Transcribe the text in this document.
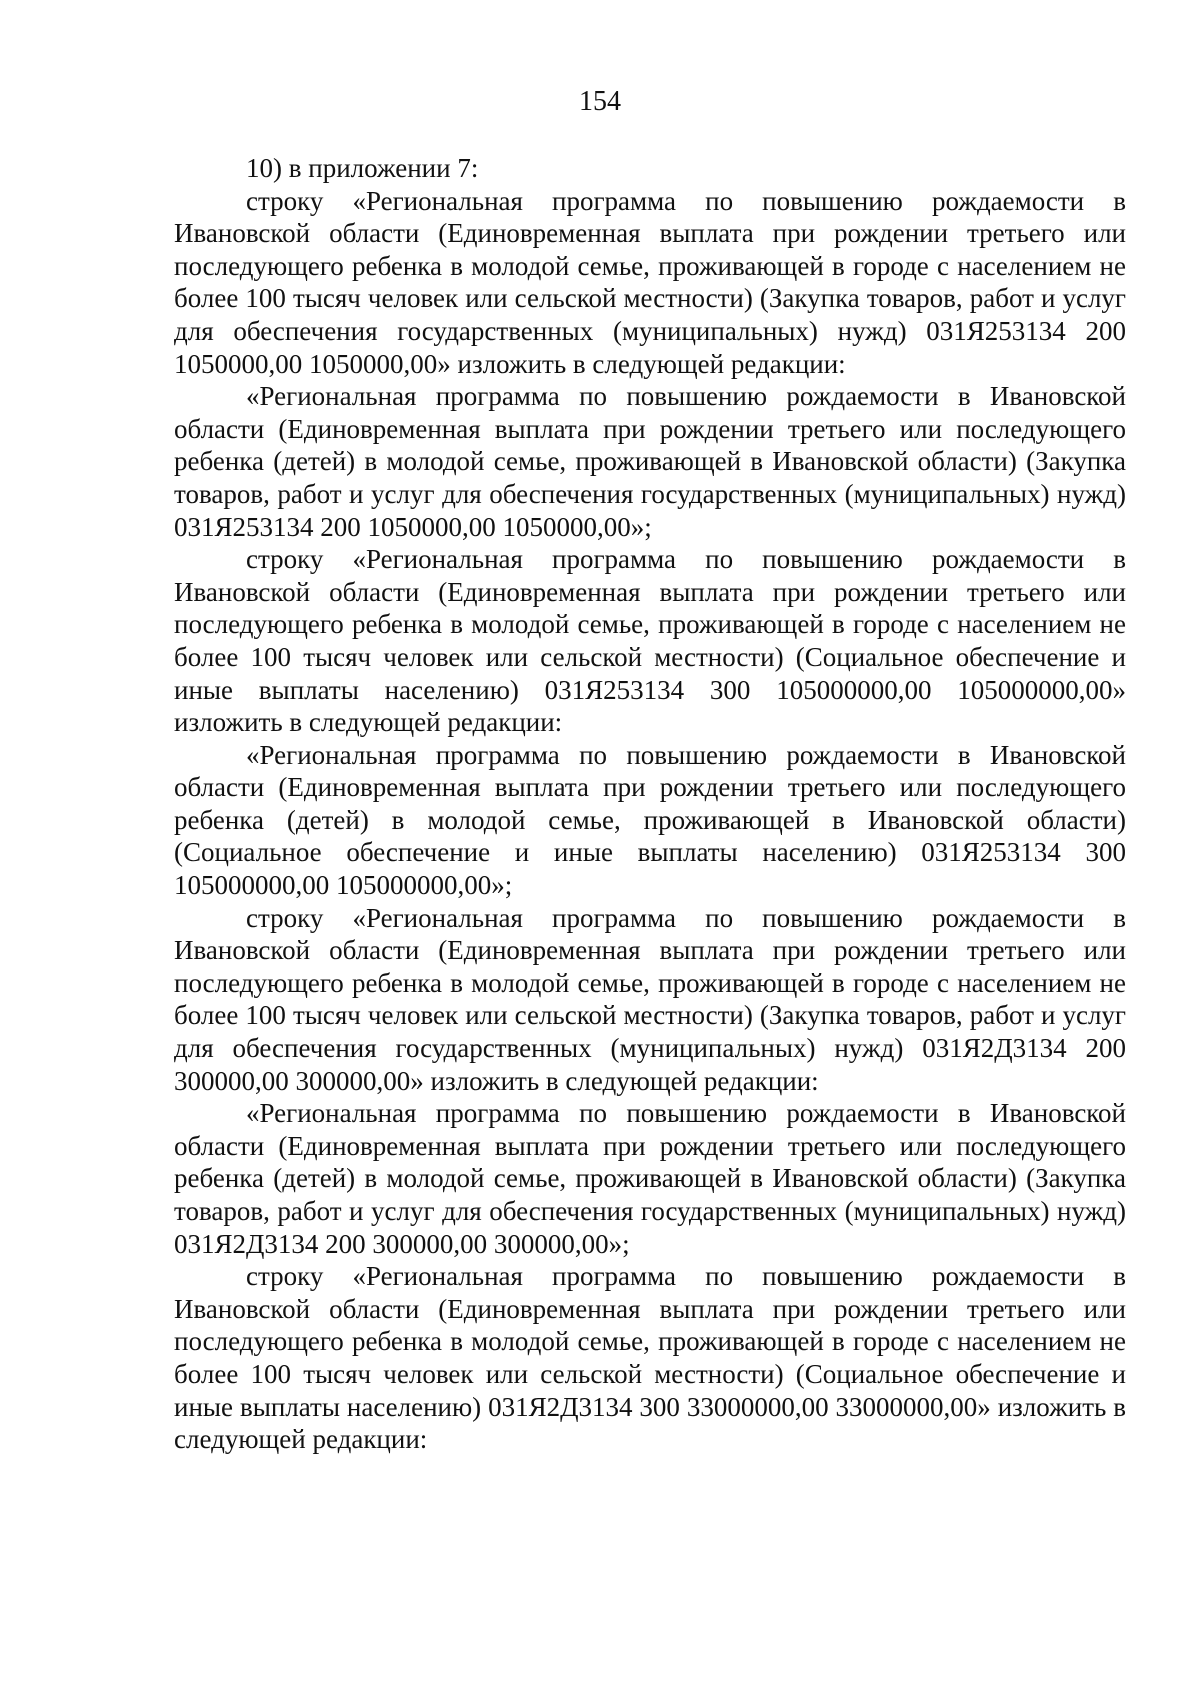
154

10) в приложении 7:

строку «Региональная программа по повышению рождаемости в Ивановской области (Единовременная выплата при рождении третьего или последующего ребенка в молодой семье, проживающей в городе с населением не более 100 тысяч человек или сельской местности) (Закупка товаров, работ и услуг для обеспечения государственных (муниципальных) нужд) 031Я253134 200 1050000,00 1050000,00» изложить в следующей редакции:

«Региональная программа по повышению рождаемости в Ивановской области (Единовременная выплата при рождении третьего или последующего ребенка (детей) в молодой семье, проживающей в Ивановской области) (Закупка товаров, работ и услуг для обеспечения государственных (муниципальных) нужд) 031Я253134 200 1050000,00 1050000,00»;

строку «Региональная программа по повышению рождаемости в Ивановской области (Единовременная выплата при рождении третьего или последующего ребенка в молодой семье, проживающей в городе с населением не более 100 тысяч человек или сельской местности) (Социальное обеспечение и иные выплаты населению) 031Я253134 300 105000000,00 105000000,00» изложить в следующей редакции:

«Региональная программа по повышению рождаемости в Ивановской области (Единовременная выплата при рождении третьего или последующего ребенка (детей) в молодой семье, проживающей в Ивановской области) (Социальное обеспечение и иные выплаты населению) 031Я253134 300 105000000,00 105000000,00»;

строку «Региональная программа по повышению рождаемости в Ивановской области (Единовременная выплата при рождении третьего или последующего ребенка в молодой семье, проживающей в городе с населением не более 100 тысяч человек или сельской местности) (Закупка товаров, работ и услуг для обеспечения государственных (муниципальных) нужд) 031Я2Д3134 200 300000,00 300000,00» изложить в следующей редакции:

«Региональная программа по повышению рождаемости в Ивановской области (Единовременная выплата при рождении третьего или последующего ребенка (детей) в молодой семье, проживающей в Ивановской области) (Закупка товаров, работ и услуг для обеспечения государственных (муниципальных) нужд) 031Я2Д3134 200 300000,00 300000,00»;

строку «Региональная программа по повышению рождаемости в Ивановской области (Единовременная выплата при рождении третьего или последующего ребенка в молодой семье, проживающей в городе с населением не более 100 тысяч человек или сельской местности) (Социальное обеспечение и иные выплаты населению) 031Я2Д3134 300 33000000,00 33000000,00» изложить в следующей редакции:
